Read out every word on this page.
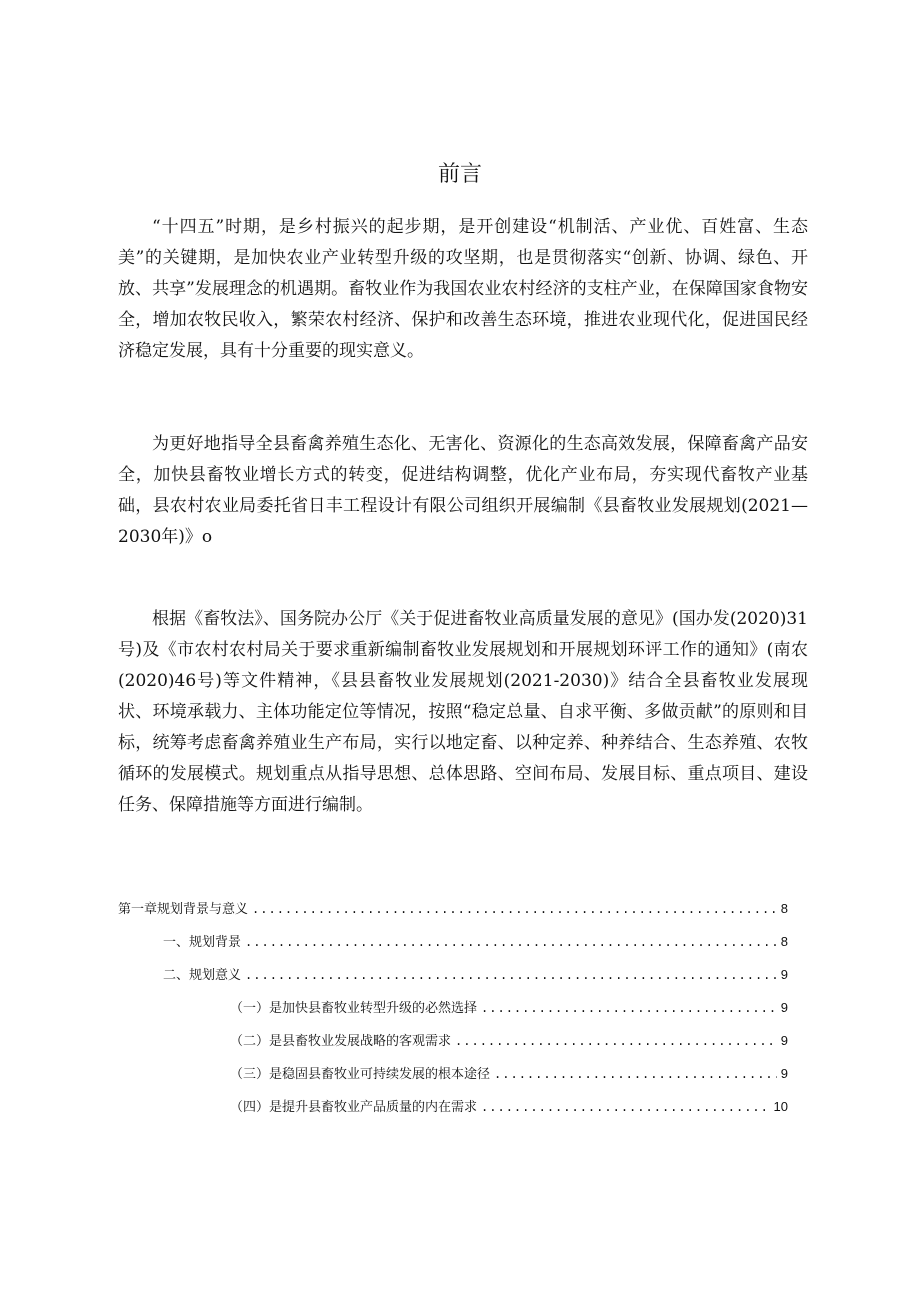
前言

“十四五”时期，是乡村振兴的起步期，是开创建设“机制活、产业优、百姓富、生态美”的关键期，是加快农业产业转型升级的攻坚期，也是贯彻落实“创新、协调、绿色、开放、共享”发展理念的机遇期。畜牧业作为我国农业农村经济的支柱产业，在保障国家食物安全，增加农牧民收入，繁荣农村经济、保护和改善生态环境，推进农业现代化，促进国民经济稳定发展，具有十分重要的现实意义。

为更好地指导全县畜禽养殖生态化、无害化、资源化的生态高效发展，保障畜禽产品安全，加快县畜牧业增长方式的转变，促进结构调整，优化产业布局，夯实现代畜牧产业基础，县农村农业局委托省日丰工程设计有限公司组织开展编制《县畜牧业发展规划(2021—2030年)》o

根据《畜牧法》、国务院办公厅《关于促进畜牧业高质量发展的意见》(国办发(2020)31号)及《市农村农村局关于要求重新编制畜牧业发展规划和开展规划环评工作的通知》(南农(2020)46号)等文件精神，《县县畜牧业发展规划(2021-2030)》结合全县畜牧业发展现状、环境承载力、主体功能定位等情况，按照“稳定总量、自求平衡、多做贡献”的原则和目标，统筹考虑畜禽养殖业生产布局，实行以地定畜、以种定养、种养结合、生态养殖、农牧循环的发展模式。规划重点从指导思想、总体思路、空间布局、发展目标、重点项目、建设任务、保障措施等方面进行编制。

第一章规划背景与意义 .....	8
一、规划背景 .....	8
二、规划意义 .....	9
（一）是加快县畜牧业转型升级的必然选择 .....	9
（二）是县畜牧业发展战略的客观需求 .....	9
（三）是稳固县畜牧业可持续发展的根本途径 .....	9
（四）是提升县畜牧业产品质量的内在需求 .....	10
